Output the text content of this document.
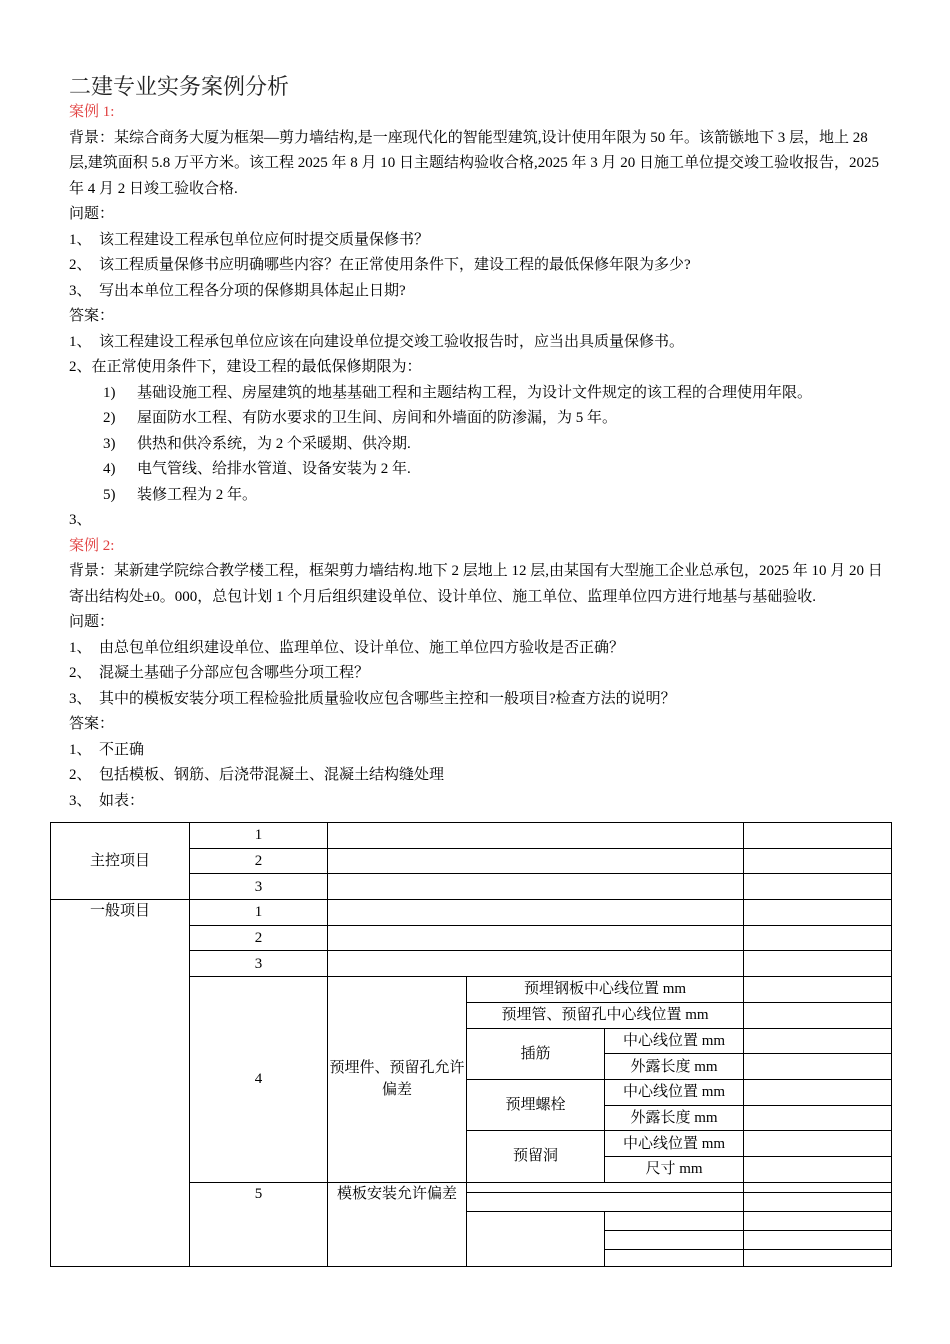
二建专业实务案例分析

案例 1:

背景：某综合商务大厦为框架—剪力墙结构,是一座现代化的智能型建筑,设计使用年限为 50 年。该箭镞地下 3 层，地上 28 层,建筑面积 5.8 万平方米。该工程 2025 年 8 月 10 日主题结构验收合格,2025 年 3 月 20 日施工单位提交竣工验收报告，2025 年 4 月 2 日竣工验收合格.

问题：

1、 该工程建设工程承包单位应何时提交质量保修书？

2、 该工程质量保修书应明确哪些内容？在正常使用条件下，建设工程的最低保修年限为多少?

3、 写出本单位工程各分项的保修期具体起止日期?

答案：

1、 该工程建设工程承包单位应该在向建设单位提交竣工验收报告时，应当出具质量保修书。

2、在正常使用条件下，建设工程的最低保修期限为：

1) 基础设施工程、房屋建筑的地基基础工程和主题结构工程，为设计文件规定的该工程的合理使用年限。

2) 屋面防水工程、有防水要求的卫生间、房间和外墙面的防渗漏，为 5 年。

3) 供热和供冷系统，为 2 个采暖期、供冷期.

4) 电气管线、给排水管道、设备安装为 2 年.

5) 装修工程为 2 年。

3、

案例 2:

背景：某新建学院综合教学楼工程，框架剪力墙结构.地下 2 层地上 12 层,由某国有大型施工企业总承包，2025 年 10 月 20 日寄出结构处±0。000，总包计划 1 个月后组织建设单位、设计单位、施工单位、监理单位四方进行地基与基础验收.

问题：

1、 由总包单位组织建设单位、监理单位、设计单位、施工单位四方验收是否正确？

2、 混凝土基础子分部应包含哪些分项工程？

3、 其中的模板安装分项工程检验批质量验收应包含哪些主控和一般项目?检查方法的说明？

答案：

1、 不正确

2、 包括模板、钢筋、后浇带混凝土、混凝土结构缝处理

3、 如表：

主控项目	1				
	2				
	3				
一般项目	1				
	2				
	3				
	4	预埋件、预留孔允许偏差	预埋钢板中心线位置 mm		
			预埋管、预留孔中心线位置 mm		
			插筋	中心线位置 mm	
				外露长度 mm	
			预埋螺栓	中心线位置 mm	
				外露长度 mm	
			预留洞	中心线位置 mm	
				尺寸 mm	
	5	模板安装允许偏差			
